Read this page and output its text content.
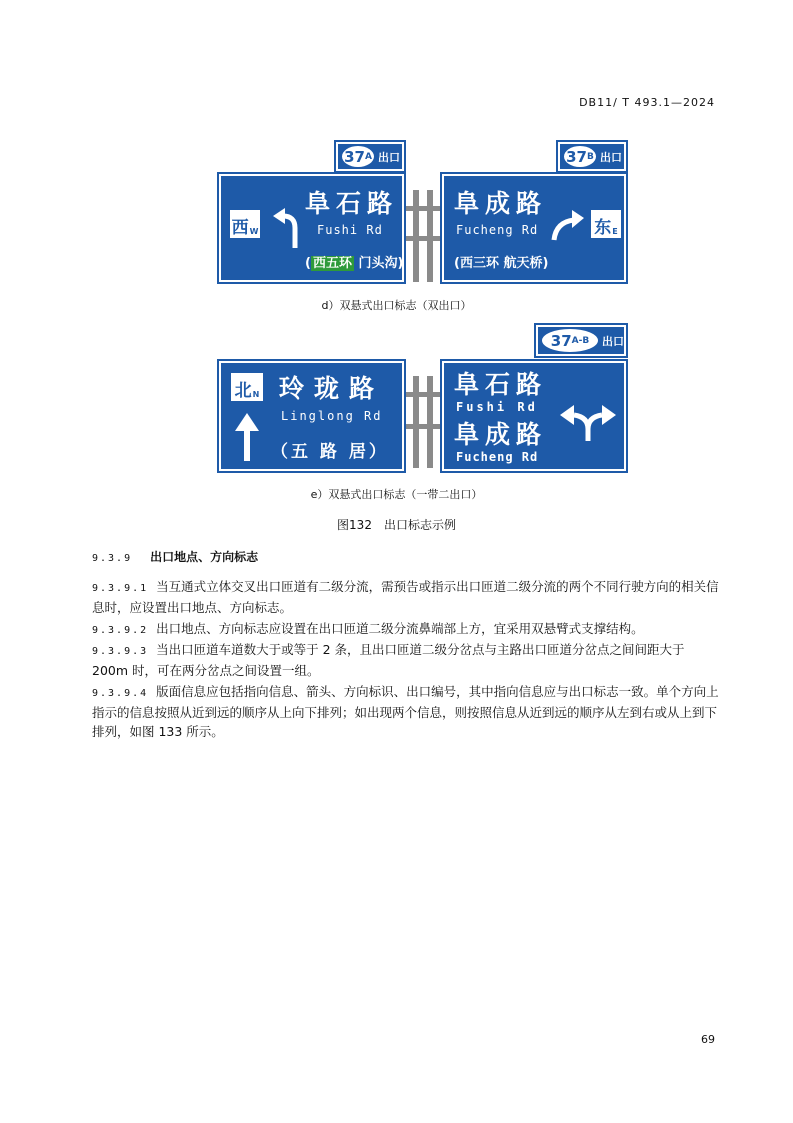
DB11/ T 493.1—2024
37 A 出口
阜石路
Fushi Rd
西 W
( 西五环 门头沟)
37 B 出口
阜成路
Fucheng Rd	东 E
(西三环 航天桥)
d）双悬式出口标志（双出口）
北 N 玲珑路
Linglong Rd
（五 路 居）
37 A-B 出口
阜石路
Fushi Rd
阜成路
Fucheng Rd
e）双悬式出口标志（一带二出口）
图132　出口标志示例
9.3.9 出口地点、方向标志
9.3.9.1 当互通式立体交叉出口匝道有二级分流，需预告或指示出口匝道二级分流的两个不同行驶方向的相关信息时，应设置出口地点、方向标志。
9.3.9.2 出口地点、方向标志应设置在出口匝道二级分流鼻端部上方，宜采用双悬臂式支撑结构。
9.3.9.3 当出口匝道车道数大于或等于 2 条，且出口匝道二级分岔点与主路出口匝道分岔点之间间距大于 200m 时，可在两分岔点之间设置一组。
9.3.9.4 版面信息应包括指向信息、箭头、方向标识、出口编号，其中指向信息应与出口标志一致。单个方向上指示的信息按照从近到远的顺序从上向下排列；如出现两个信息，则按照信息从近到远的顺序从左到右或从上到下排列，如图 133 所示。
69
